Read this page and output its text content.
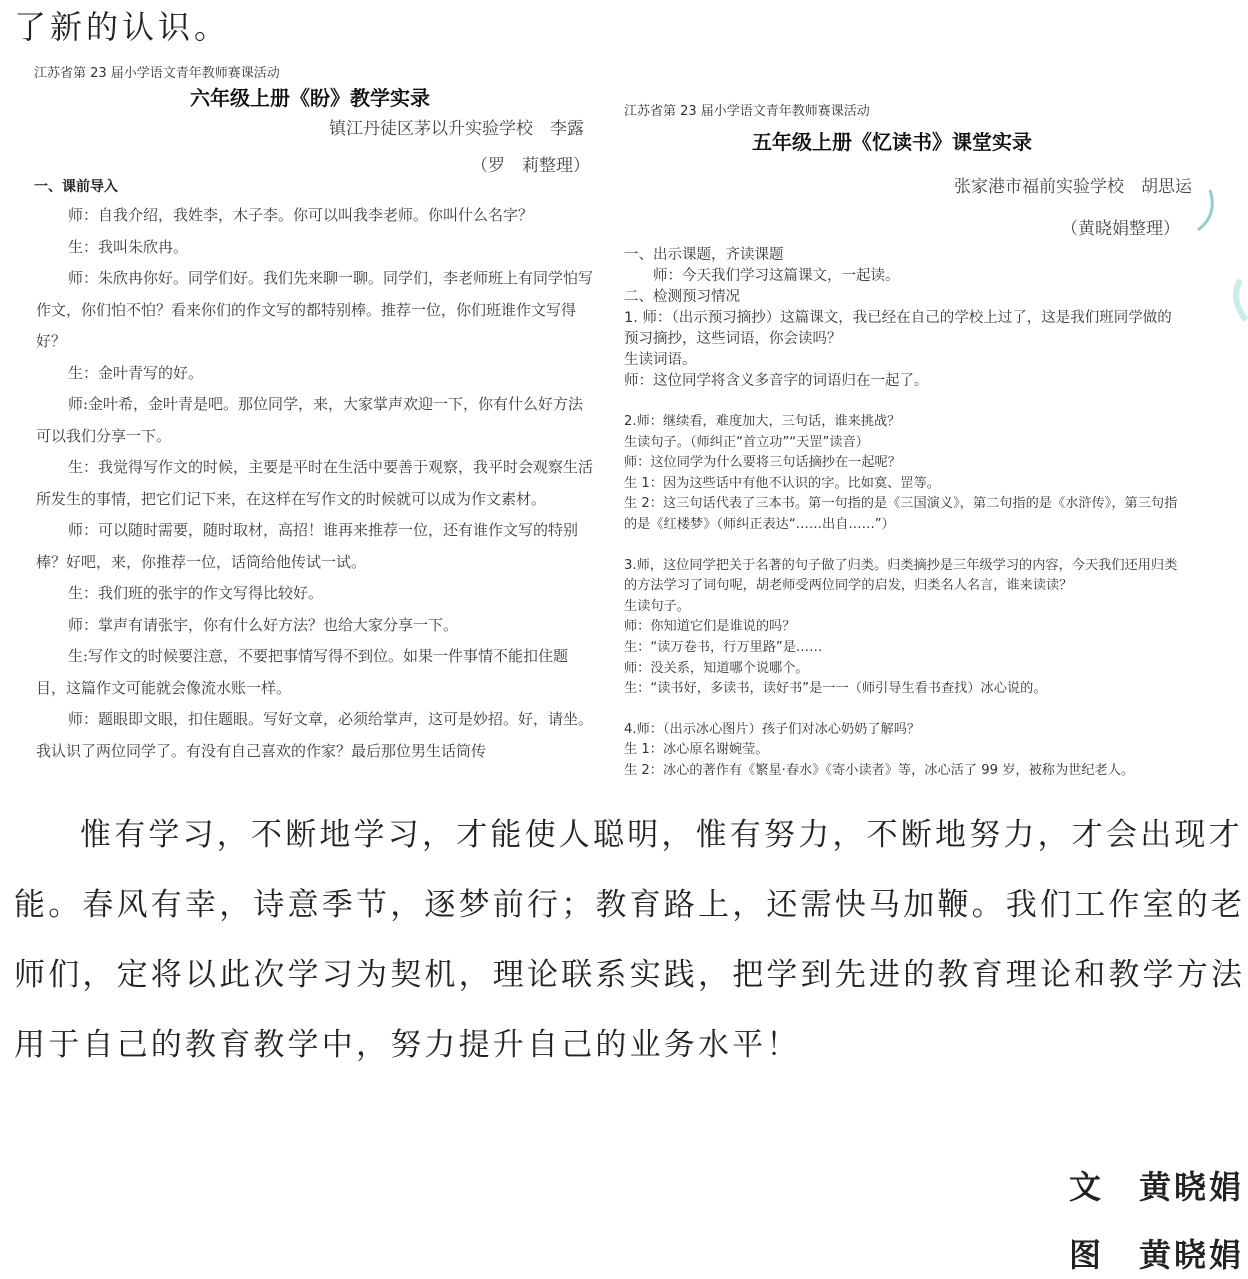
了新的认识。
江苏省第 23 届小学语文青年教师赛课活动
六年级上册《盼》教学实录
镇江丹徒区茅以升实验学校　李露
（罗　莉整理）
一、课前导入

师：自我介绍，我姓李，木子李。你可以叫我李老师。你叫什么名字？

生：我叫朱欣冉。

师：朱欣冉你好。同学们好。我们先来聊一聊。同学们，李老师班上有同学怕写作文，你们怕不怕？看来你们的作文写的都特别棒。推荐一位，你们班谁作文写得好？

生：金叶青写的好。

师:金叶希，金叶青是吧。那位同学，来，大家掌声欢迎一下，你有什么好方法可以我们分享一下。

生：我觉得写作文的时候，主要是平时在生活中要善于观察，我平时会观察生活所发生的事情，把它们记下来，在这样在写作文的时候就可以成为作文素材。

师：可以随时需要，随时取材，高招！谁再来推荐一位，还有谁作文写的特别棒？好吧，来，你推荐一位，话筒给他传试一试。

生：我们班的张宇的作文写得比较好。

师：掌声有请张宇，你有什么好方法？也给大家分享一下。

生:写作文的时候要注意，不要把事情写得不到位。如果一件事情不能扣住题目，这篇作文可能就会像流水账一样。

师：题眼即文眼，扣住题眼。写好文章，必须给掌声，这可是妙招。好，请坐。我认识了两位同学了。有没有自己喜欢的作家？最后那位男生话筒传

江苏省第 23 届小学语文青年教师赛课活动
五年级上册《忆读书》课堂实录
张家港市福前实验学校　胡思运
（黄晓娟整理）

一、出示课题，齐读课题

　　师：今天我们学习这篇课文，一起读。

二、检测预习情况

1. 师：（出示预习摘抄）这篇课文，我已经在自己的学校上过了，这是我们班同学做的预习摘抄，这些词语，你会读吗？

生读词语。

师：这位同学将含义多音字的词语归在一起了。

2.师：继续看，难度加大，三句话，谁来挑战？

生读句子。（师纠正“首立功”“天罡”读音）

师：这位同学为什么要将三句话摘抄在一起呢？

生 1：因为这些话中有他不认识的字。比如寞、罡等。

生 2：这三句话代表了三本书。第一句指的是《三国演义》，第二句指的是《水浒传》，第三句指的是《红楼梦》（师纠正表达“……出自……”）

3.师，这位同学把关于名著的句子做了归类。归类摘抄是三年级学习的内容，今天我们还用归类的方法学习了词句呢，胡老师受两位同学的启发，归类名人名言，谁来读读？

生读句子。

师：你知道它们是谁说的吗？

生：“读万卷书，行万里路”是……

师：没关系，知道哪个说哪个。

生：“读书好，多读书，读好书”是一一（师引导生看书查找）冰心说的。

4.师：（出示冰心图片）孩子们对冰心奶奶了解吗？

生 1：冰心原名谢婉莹。

生 2：冰心的著作有《繁星·春水》《寄小读者》等，冰心活了 99 岁，被称为世纪老人。

惟有学习，不断地学习，才能使人聪明，惟有努力，不断地努力，才会出现才能。春风有幸，诗意季节，逐梦前行；教育路上，还需快马加鞭。我们工作室的老师们，定将以此次学习为契机，理论联系实践，把学到先进的教育理论和教学方法用于自己的教育教学中，努力提升自己的业务水平！
文　黄晓娟
图　黄晓娟
